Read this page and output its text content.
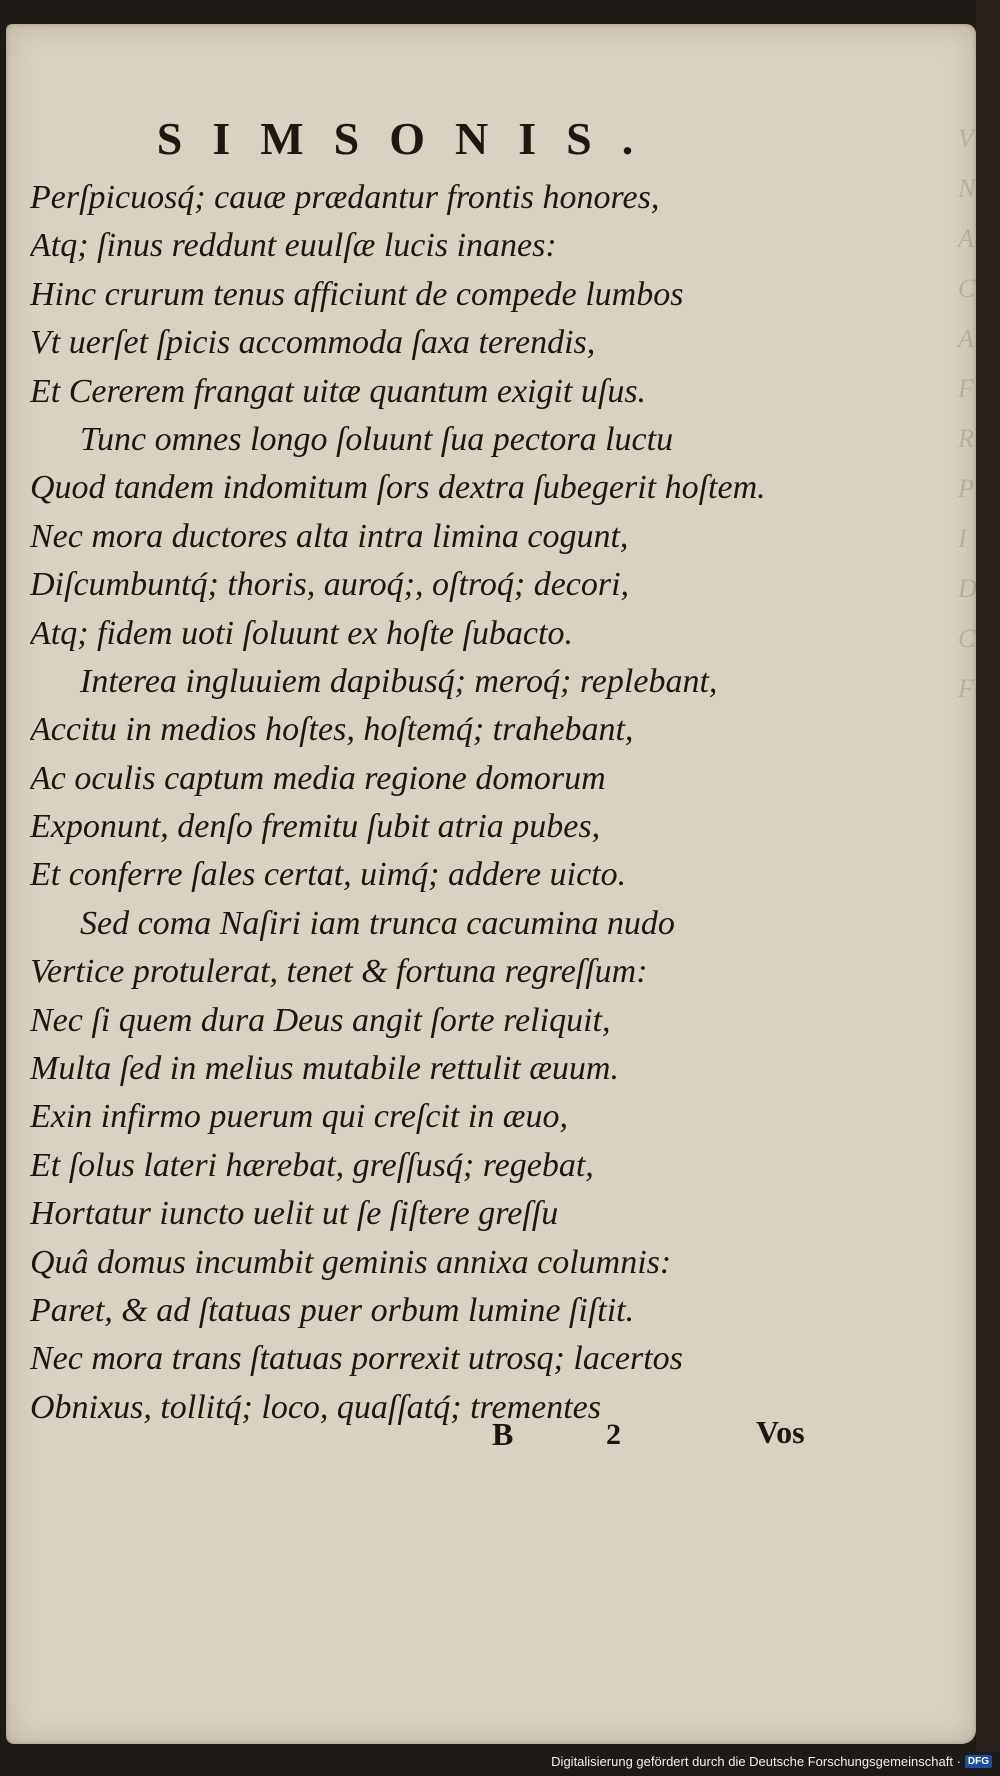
V
N
A
C
A
F
R
P
I
D
C
F
SIMSONIS.
Perſpicuosq́; cauæ prædantur frontis honores,
Atq; ſinus reddunt euulſæ lucis inanes:
Hinc crurum tenus afficiunt de compede lumbos
Vt uerſet ſpicis accommoda ſaxa terendis,
Et Cererem frangat uitæ quantum exigit uſus.
Tunc omnes longo ſoluunt ſua pectora luctu
Quod tandem indomitum ſors dextra ſubegerit hoſtem.
Nec mora ductores alta intra limina cogunt,
Diſcumbuntq́; thoris, auroq́;, oſtroq́; decori,
Atq; fidem uoti ſoluunt ex hoſte ſubacto.
Interea ingluuiem dapibusq́; meroq́; replebant,
Accitu in medios hoſtes, hoſtemq́; trahebant,
Ac oculis captum media regione domorum
Exponunt, denſo fremitu ſubit atria pubes,
Et conferre ſales certat, uimq́; addere uicto.
Sed coma Naſiri iam trunca cacumina nudo
Vertice protulerat, tenet & fortuna regreſſum:
Nec ſi quem dura Deus angit ſorte reliquit,
Multa ſed in melius mutabile rettulit æuum.
Exin infirmo puerum qui creſcit in æuo,
Et ſolus lateri hærebat, greſſusq́; regebat,
Hortatur iuncto uelit ut ſe ſiſtere greſſu
Quâ domus incumbit geminis annixa columnis:
Paret, & ad ſtatuas puer orbum lumine ſiſtit.
Nec mora trans ſtatuas porrexit utrosq; lacertos
Obnixus, tollitq́; loco, quaſſatq́; trementes
B	2	Vos
Digitalisierung gefördert durch die Deutsche Forschungsgemeinschaft · DFG
